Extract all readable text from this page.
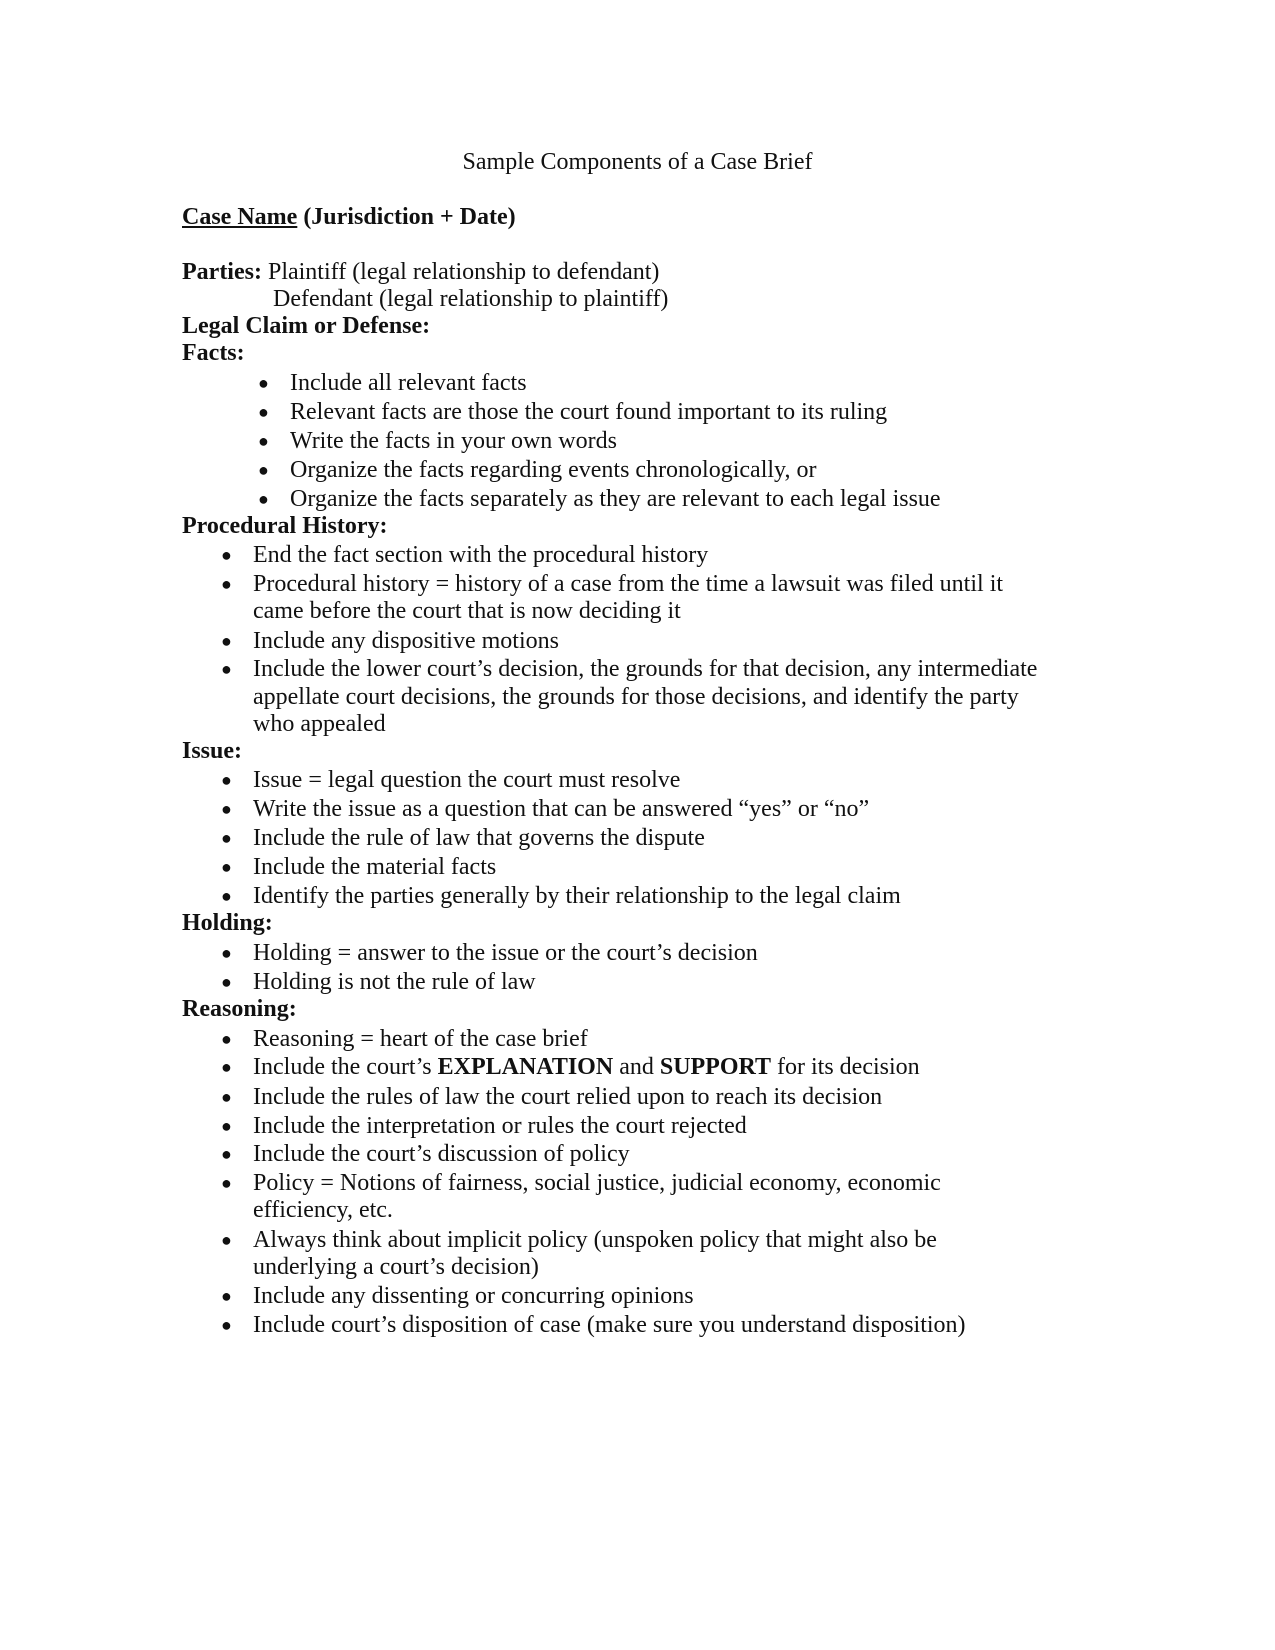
Sample Components of a Case Brief
Case Name (Jurisdiction + Date)
Parties: Plaintiff (legal relationship to defendant)
Defendant (legal relationship to plaintiff)
Legal Claim or Defense:
Facts:
● Include all relevant facts
● Relevant facts are those the court found important to its ruling
● Write the facts in your own words
● Organize the facts regarding events chronologically, or
● Organize the facts separately as they are relevant to each legal issue
Procedural History:
● End the fact section with the procedural history
● Procedural history = history of a case from the time a lawsuit was filed until it
came before the court that is now deciding it
● Include any dispositive motions
● Include the lower court’s decision, the grounds for that decision, any intermediate
appellate court decisions, the grounds for those decisions, and identify the party
who appealed
Issue:
● Issue = legal question the court must resolve
● Write the issue as a question that can be answered “yes” or “no”
● Include the rule of law that governs the dispute
● Include the material facts
● Identify the parties generally by their relationship to the legal claim
Holding:
● Holding = answer to the issue or the court’s decision
● Holding is not the rule of law
Reasoning:
● Reasoning = heart of the case brief
● Include the court’s EXPLANATION and SUPPORT for its decision
● Include the rules of law the court relied upon to reach its decision
● Include the interpretation or rules the court rejected
● Include the court’s discussion of policy
● Policy = Notions of fairness, social justice, judicial economy, economic
efficiency, etc.
● Always think about implicit policy (unspoken policy that might also be
underlying a court’s decision)
● Include any dissenting or concurring opinions
● Include court’s disposition of case (make sure you understand disposition)
